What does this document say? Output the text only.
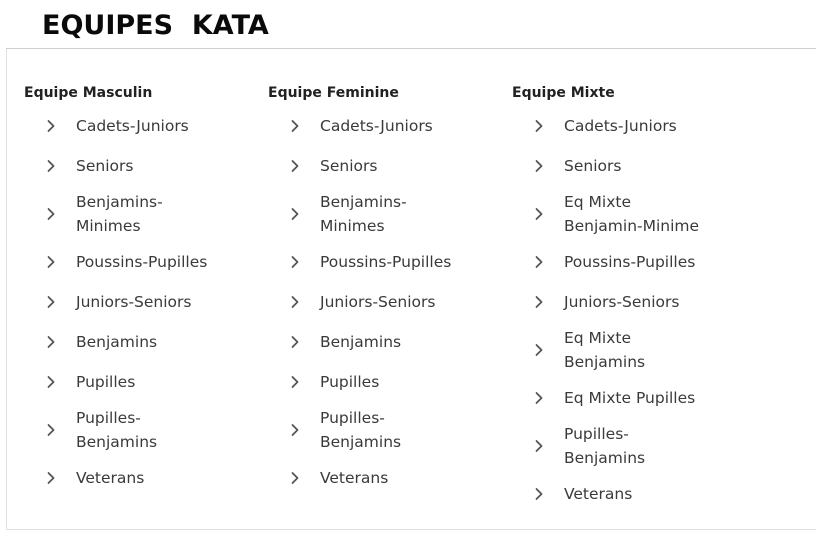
EQUIPES  KATA
Equipe Masculin
Cadets-Juniors
Seniors
Benjamins-
Minimes
Poussins-Pupilles
Juniors-Seniors
Benjamins
Pupilles
Pupilles-
Benjamins
Veterans
Equipe Feminine
Cadets-Juniors
Seniors
Benjamins-
Minimes
Poussins-Pupilles
Juniors-Seniors
Benjamins
Pupilles
Pupilles-
Benjamins
Veterans
Equipe Mixte
Cadets-Juniors
Seniors
Eq Mixte
Benjamin-Minime
Poussins-Pupilles
Juniors-Seniors
Eq Mixte
Benjamins
Eq Mixte Pupilles
Pupilles-
Benjamins
Veterans
